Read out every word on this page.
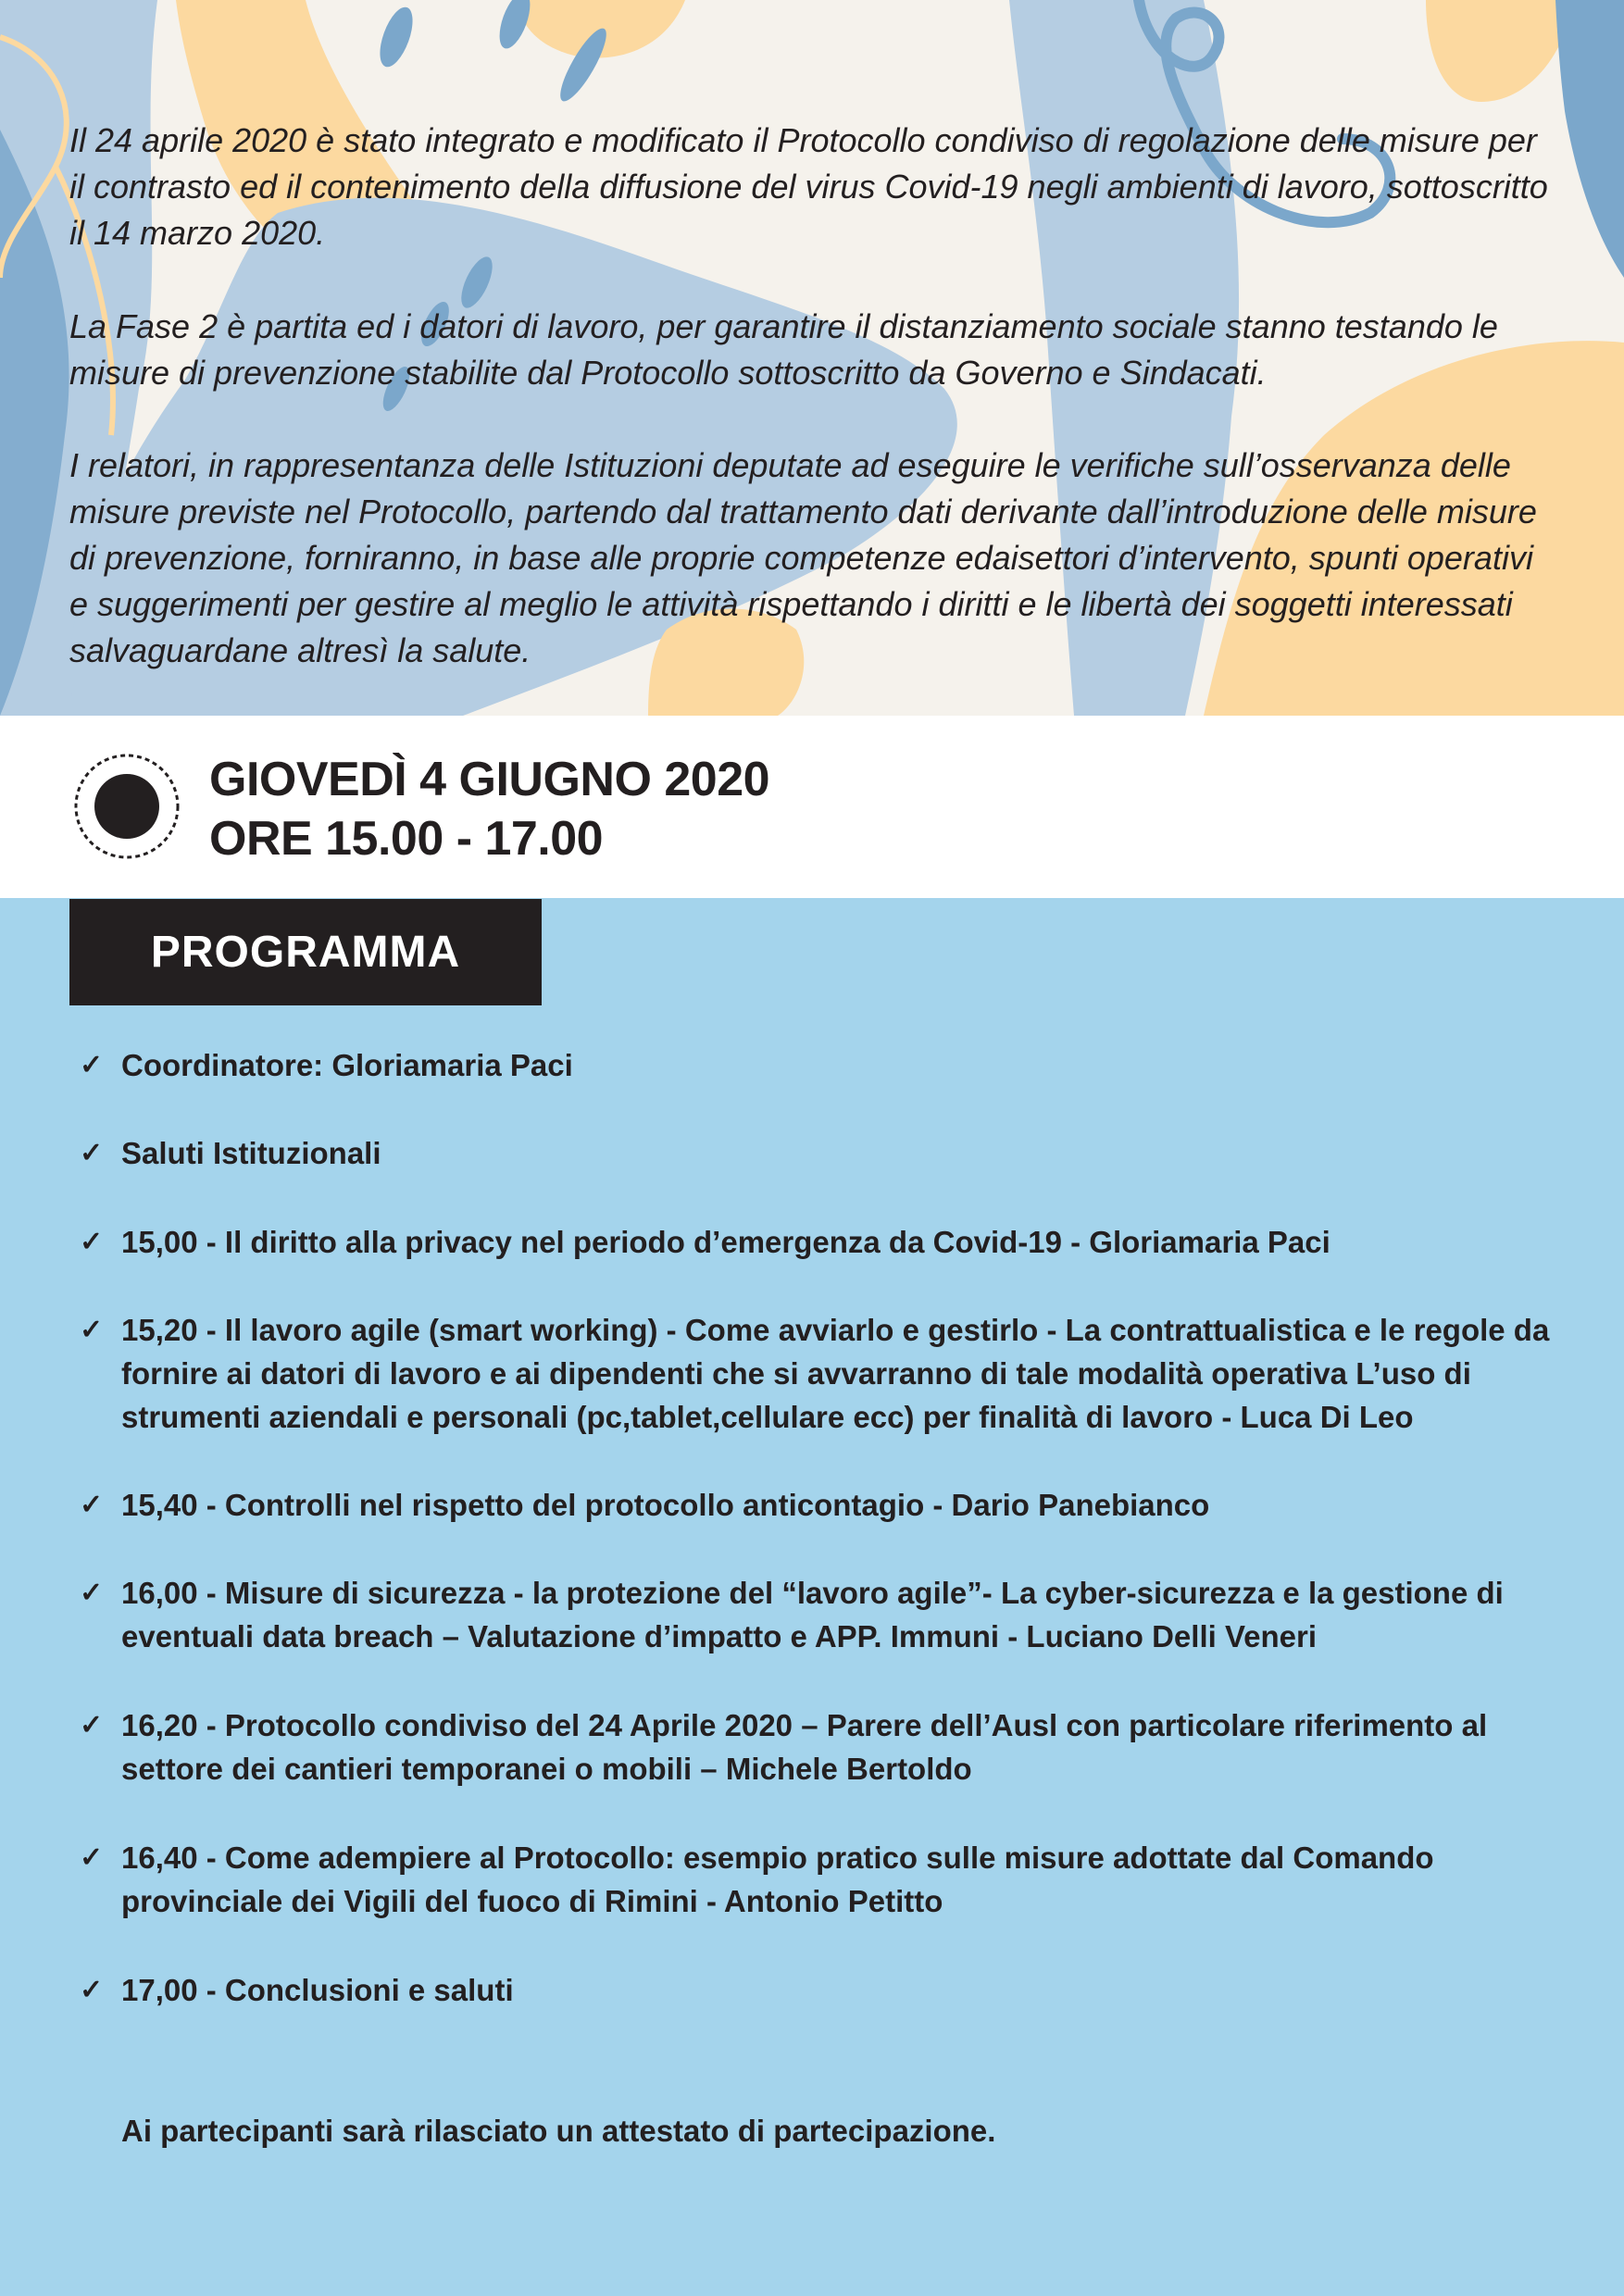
Il 24 aprile 2020 è stato integrato e modificato il Protocollo condiviso di regolazione delle misure per il contrasto ed il contenimento della diffusione del virus Covid-19 negli ambienti di lavoro, sottoscritto il 14 marzo 2020.

La Fase 2 è partita ed i datori di lavoro, per garantire il distanziamento sociale stanno testando le misure di prevenzione stabilite dal Protocollo sottoscritto da Governo e Sindacati.

I relatori, in rappresentanza delle Istituzioni deputate ad eseguire le verifiche sull’osservanza delle misure previste nel Protocollo, partendo dal trattamento dati derivante dall’introduzione delle misure di prevenzione, forniranno, in base alle proprie competenze edaisettori d’intervento, spunti operativi e suggerimenti per gestire al meglio le attività rispettando i diritti e le libertà dei soggetti interessati salvaguardane altresì la salute.

GIOVEDÌ 4 GIUGNO 2020
ORE 15.00 - 17.00
PROGRAMMA
✓ Coordinatore: Gloriamaria Paci
✓ Saluti Istituzionali
✓ 15,00 - Il diritto alla privacy nel periodo d’emergenza da Covid-19 - Gloriamaria Paci
✓ 15,20 - Il lavoro agile (smart working) - Come avviarlo e gestirlo - La contrattualistica e le regole da fornire ai datori di lavoro e ai dipendenti che si avvarranno di tale modalità operativa L’uso di strumenti aziendali e personali (pc,tablet,cellulare ecc) per finalità di lavoro - Luca Di Leo
✓ 15,40 - Controlli nel rispetto del protocollo anticontagio - Dario Panebianco
✓ 16,00 - Misure di sicurezza - la protezione del “lavoro agile”- La cyber-sicurezza e la gestione di eventuali data breach – Valutazione d’impatto e APP. Immuni - Luciano Delli Veneri
✓ 16,20 - Protocollo condiviso del 24 Aprile 2020 – Parere dell’Ausl con particolare riferimento al settore dei cantieri temporanei o mobili – Michele Bertoldo
✓ 16,40 - Come adempiere al Protocollo: esempio pratico sulle misure adottate dal Comando provinciale dei Vigili del fuoco di Rimini - Antonio Petitto
✓ 17,00 - Conclusioni e saluti
Ai partecipanti sarà rilasciato un attestato di partecipazione.
